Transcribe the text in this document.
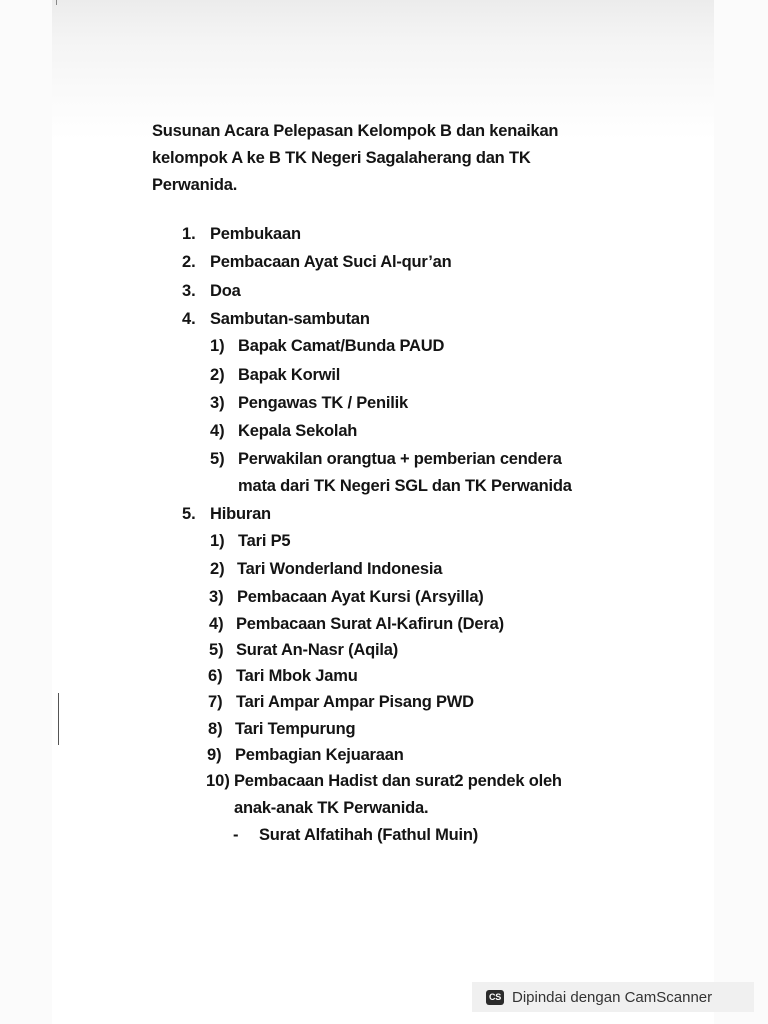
Susunan Acara Pelepasan Kelompok B dan kenaikan kelompok A ke B TK Negeri Sagalaherang dan TK Perwanida.

1. Pembukaan

2. Pembacaan Ayat Suci Al-qur’an

3. Doa

4. Sambutan-sambutan

1) Bapak Camat/Bunda PAUD

2) Bapak Korwil

3) Pengawas TK / Penilik

4) Kepala Sekolah

5) Perwakilan orangtua + pemberian cendera

mata dari TK Negeri SGL dan TK Perwanida

5. Hiburan

1) Tari P5

2) Tari Wonderland Indonesia

3) Pembacaan Ayat Kursi (Arsyilla)

4) Pembacaan Surat Al-Kafirun (Dera)

5) Surat An-Nasr (Aqila)

6) Tari Mbok Jamu

7) Tari Ampar Ampar Pisang PWD

8) Tari Tempurung

9) Pembagian Kejuaraan

10) Pembacaan Hadist dan surat2 pendek oleh

anak-anak TK Perwanida.

- Surat Alfatihah (Fathul Muin)

CS Dipindai dengan CamScanner
